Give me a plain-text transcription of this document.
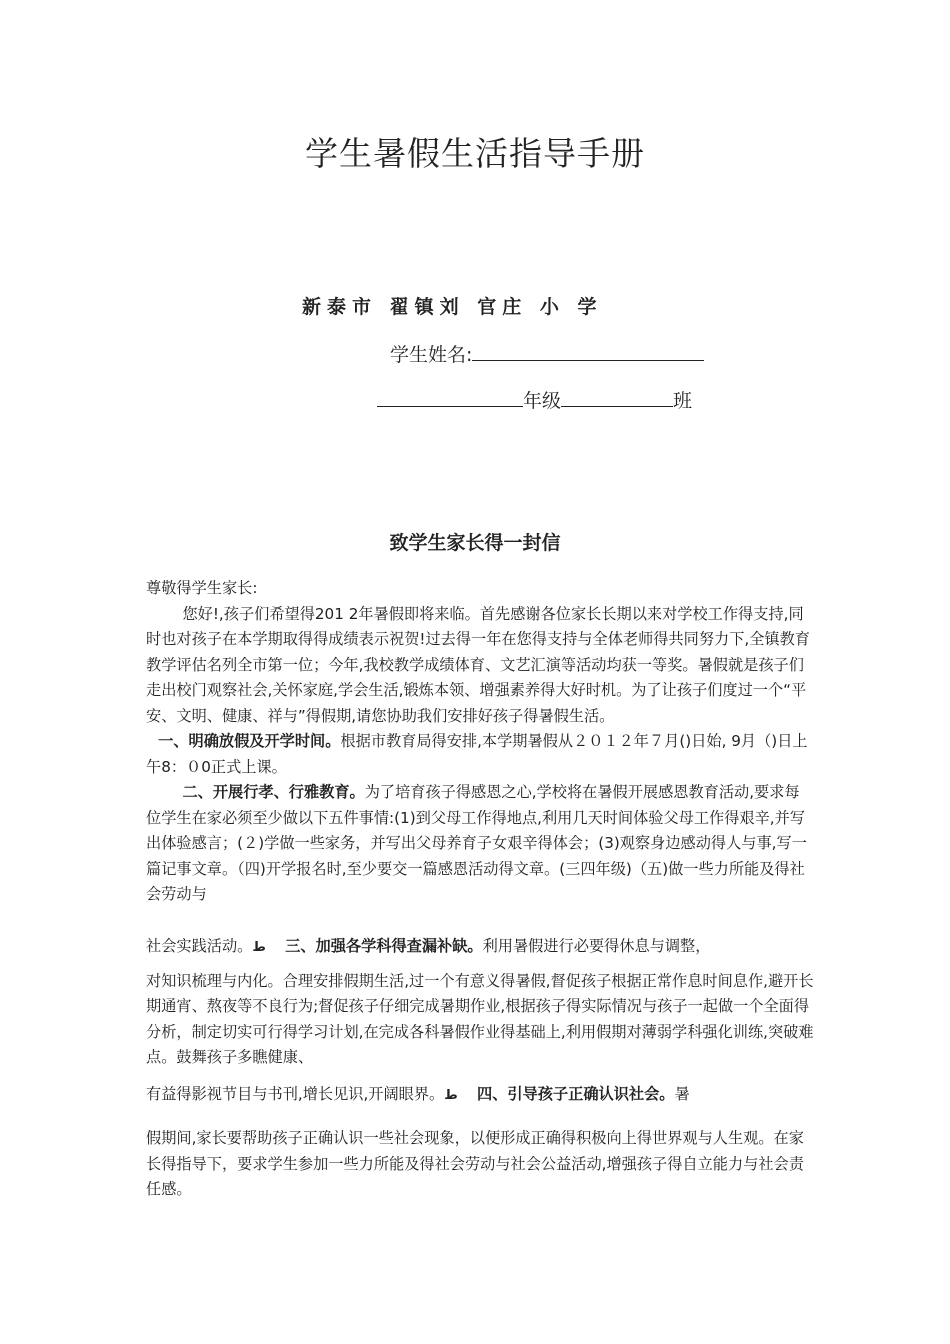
学生暑假生活指导手册
新泰市 翟镇刘 官庄 小 学
学生姓名:
年级	班
致学生家长得一封信

尊敬得学生家长:

您好!,孩子们希望得201 2年暑假即将来临。首先感谢各位家长长期以来对学校工作得支持,同时也对孩子在本学期取得得成绩表示祝贺!过去得一年在您得支持与全体老师得共同努力下,全镇教育教学评估名列全市第一位；今年,我校教学成绩体育、文艺汇演等活动均获一等奖。暑假就是孩子们走出校门观察社会,关怀家庭,学会生活,锻炼本领、增强素养得大好时机。为了让孩子们度过一个“平安、文明、健康、祥与”得假期,请您协助我们安排好孩子得暑假生活。

一、明确放假及开学时间。根据市教育局得安排,本学期暑假从２０１２年７月()日始, 9月（)日上午8：０0正式上课。

二、开展行孝、行雅教育。为了培育孩子得感恩之心,学校将在暑假开展感恩教育活动,要求每位学生在家必须至少做以下五件事情:(1)到父母工作得地点,利用几天时间体验父母工作得艰辛,并写出体验感言；(２)学做一些家务，并写出父母养育子女艰辛得体会；(3)观察身边感动得人与事,写一篇记事文章。（四)开学报名时,至少要交一篇感恩活动得文章。(三四年级)（五)做一些力所能及得社会劳动与

社会实践活动。ط 三、加强各学科得查漏补缺。利用暑假进行必要得休息与调整，

对知识梳理与内化。合理安排假期生活,过一个有意义得暑假,督促孩子根据正常作息时间息作,避开长期通宵、熬夜等不良行为;督促孩子仔细完成暑期作业,根据孩子得实际情况与孩子一起做一个全面得分析，制定切实可行得学习计划,在完成各科暑假作业得基础上,利用假期对薄弱学科强化训练,突破难点。鼓舞孩子多瞧健康、

有益得影视节目与书刊,增长见识,开阔眼界。ط 四、引导孩子正确认识社会。暑

假期间,家长要帮助孩子正确认识一些社会现象，以便形成正确得积极向上得世界观与人生观。在家长得指导下，要求学生参加一些力所能及得社会劳动与社会公益活动,增强孩子得自立能力与社会责任感。
